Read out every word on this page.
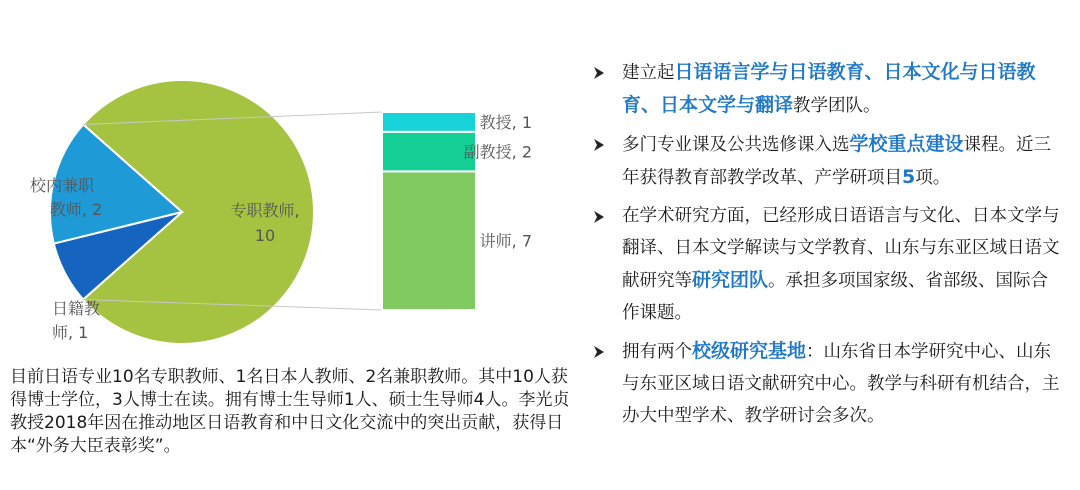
专职教师,
10
日籍教
师, 1
校内兼职
教师, 2
讲师, 7
副教授, 2
教授, 1
目前日语专业10名专职教师、1名日本人教师、2名兼职教师。其中10人获得博士学位，3人博士在读。拥有博士生导师1人、硕士生导师4人。李光贞教授2018年因在推动地区日语教育和中日文化交流中的突出贡献，获得日本“外务大臣表彰奖”。
建立起日语语言学与日语教育、日本文化与日语教育、日本文学与翻译教学团队。
多门专业课及公共选修课入选学校重点建设课程。近三年获得教育部教学改革、产学研项目5项。
在学术研究方面，已经形成日语语言与文化、日本文学与翻译、日本文学解读与文学教育、山东与东亚区域日语文献研究等研究团队。承担多项国家级、省部级、国际合作课题。
拥有两个校级研究基地：山东省日本学研究中心、山东与东亚区域日语文献研究中心。教学与科研有机结合，主办大中型学术、教学研讨会多次。
